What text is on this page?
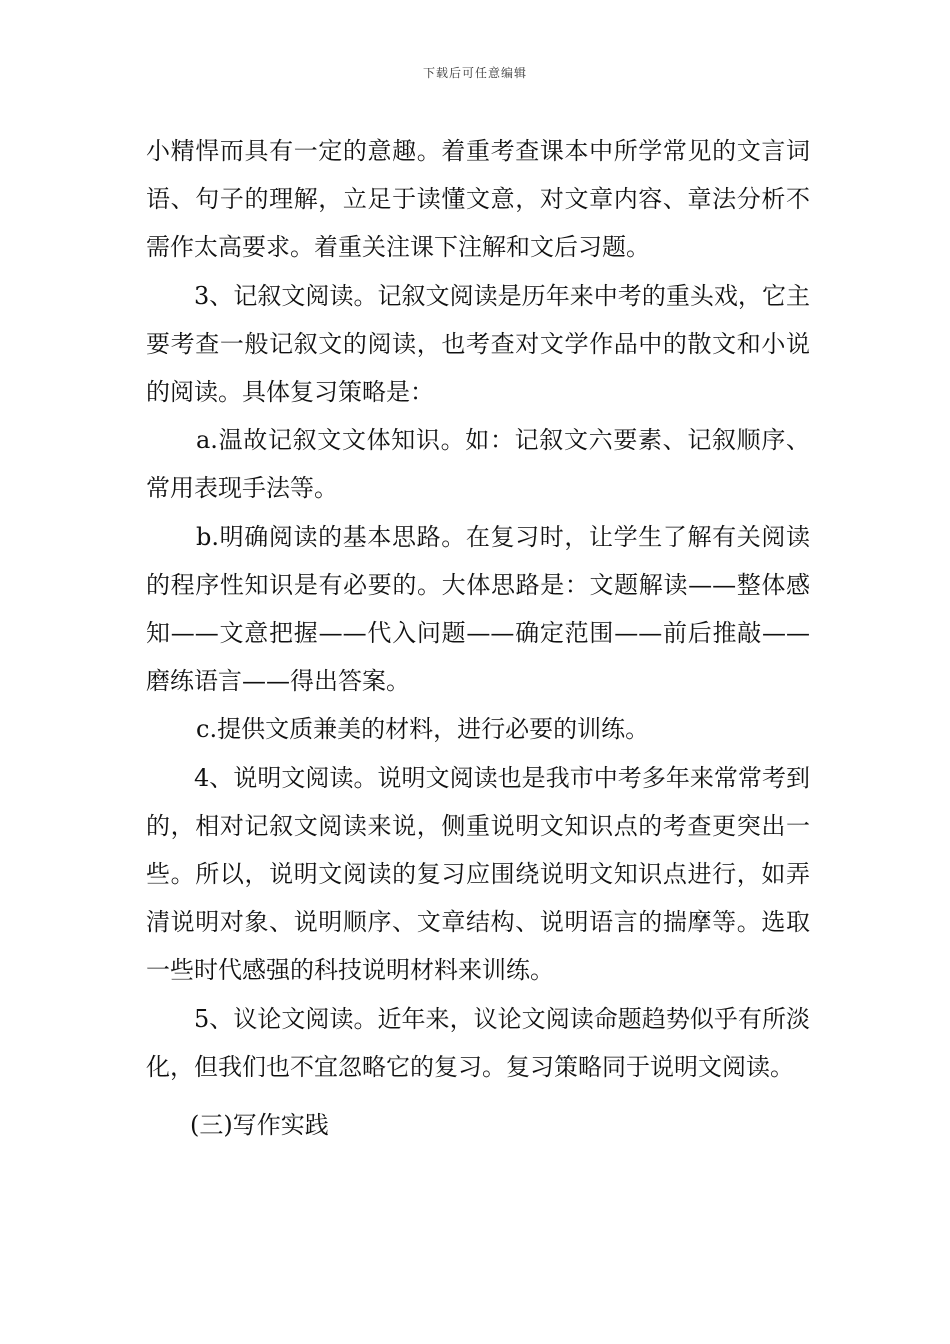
下载后可任意编辑

小精悍而具有一定的意趣。着重考查课本中所学常见的文言词语、句子的理解，立足于读懂文意，对文章内容、章法分析不需作太高要求。着重关注课下注解和文后习题。

3、记叙文阅读。记叙文阅读是历年来中考的重头戏，它主要考查一般记叙文的阅读，也考查对文学作品中的散文和小说的阅读。具体复习策略是：

a.温故记叙文文体知识。如：记叙文六要素、记叙顺序、常用表现手法等。

b.明确阅读的基本思路。在复习时，让学生了解有关阅读的程序性知识是有必要的。大体思路是：文题解读——整体感知——文意把握——代入问题——确定范围——前后推敲——磨练语言——得出答案。

c.提供文质兼美的材料，进行必要的训练。

4、说明文阅读。说明文阅读也是我市中考多年来常常考到的，相对记叙文阅读来说，侧重说明文知识点的考查更突出一些。所以，说明文阅读的复习应围绕说明文知识点进行，如弄清说明对象、说明顺序、文章结构、说明语言的揣摩等。选取一些时代感强的科技说明材料来训练。

5、议论文阅读。近年来，议论文阅读命题趋势似乎有所淡化，但我们也不宜忽略它的复习。复习策略同于说明文阅读。

(三)写作实践
